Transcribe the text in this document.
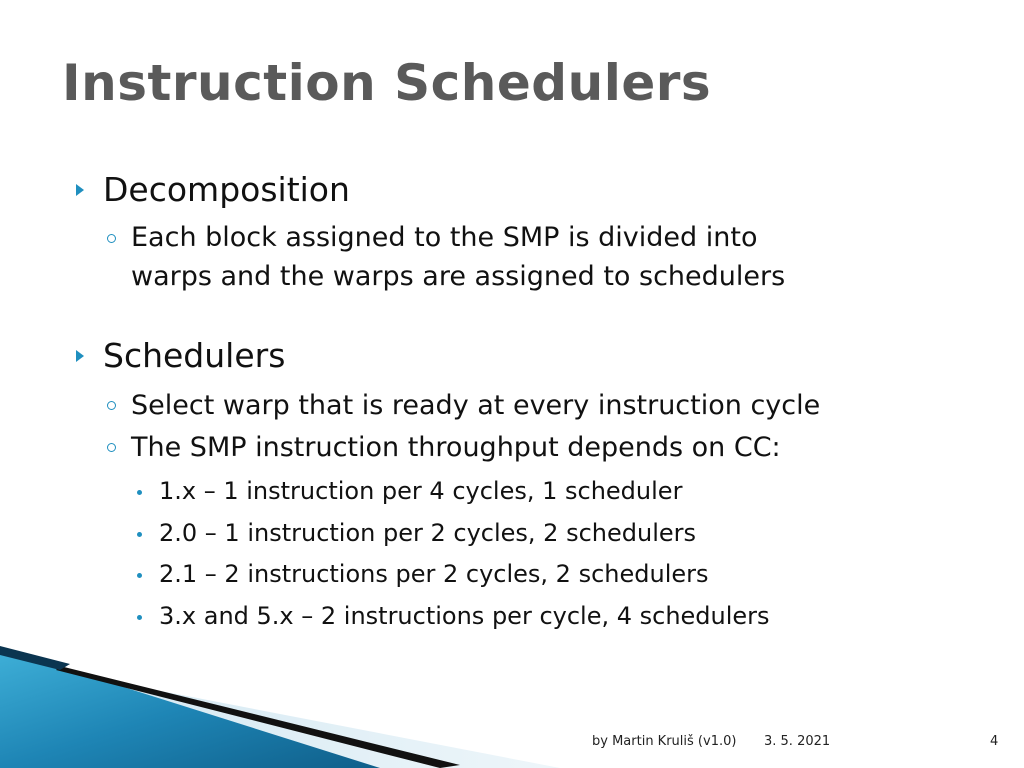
Instruction Schedulers
Decomposition
Each block assigned to the SMP is divided into
warps and the warps are assigned to schedulers
Schedulers
Select warp that is ready at every instruction cycle
The SMP instruction throughput depends on CC:
1.x – 1 instruction per 4 cycles, 1 scheduler
2.0 – 1 instruction per 2 cycles, 2 schedulers
2.1 – 2 instructions per 2 cycles, 2 schedulers
3.x and 5.x – 2 instructions per cycle, 4 schedulers
by Martin Kruliš (v1.0) 3. 5. 2021	4
